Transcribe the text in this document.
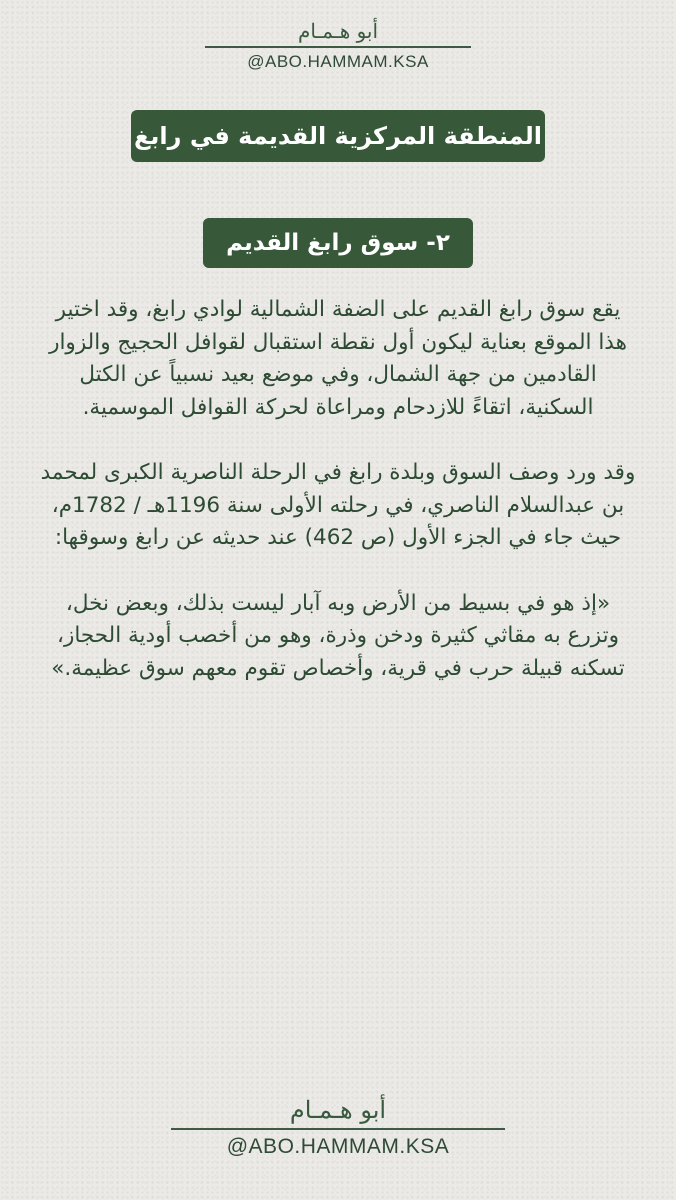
أبو هـمـام
@ABO.HAMMAM.KSA
المنطقة المركزية القديمة في رابغ
٢- سوق رابغ القديم

يقع سوق رابغ القديم على الضفة الشمالية لوادي رابغ، وقد اختير هذا الموقع بعناية ليكون أول نقطة استقبال لقوافل الحجيج والزوار القادمين من جهة الشمال، وفي موضع بعيد نسبياً عن الكتل السكنية، اتقاءً للازدحام ومراعاة لحركة القوافل الموسمية.

وقد ورد وصف السوق وبلدة رابغ في الرحلة الناصرية الكبرى لمحمد بن عبدالسلام الناصري، في رحلته الأولى سنة 1196هـ / 1782م، حيث جاء في الجزء الأول (ص 462) عند حديثه عن رابغ وسوقها:

«إذ هو في بسيط من الأرض وبه آبار ليست بذلك، وبعض نخل، وتزرع به مقاثي كثيرة ودخن وذرة، وهو من أخصب أودية الحجاز، تسكنه قبيلة حرب في قرية، وأخصاص تقوم معهم سوق عظيمة.»

أبو هـمـام
@ABO.HAMMAM.KSA
